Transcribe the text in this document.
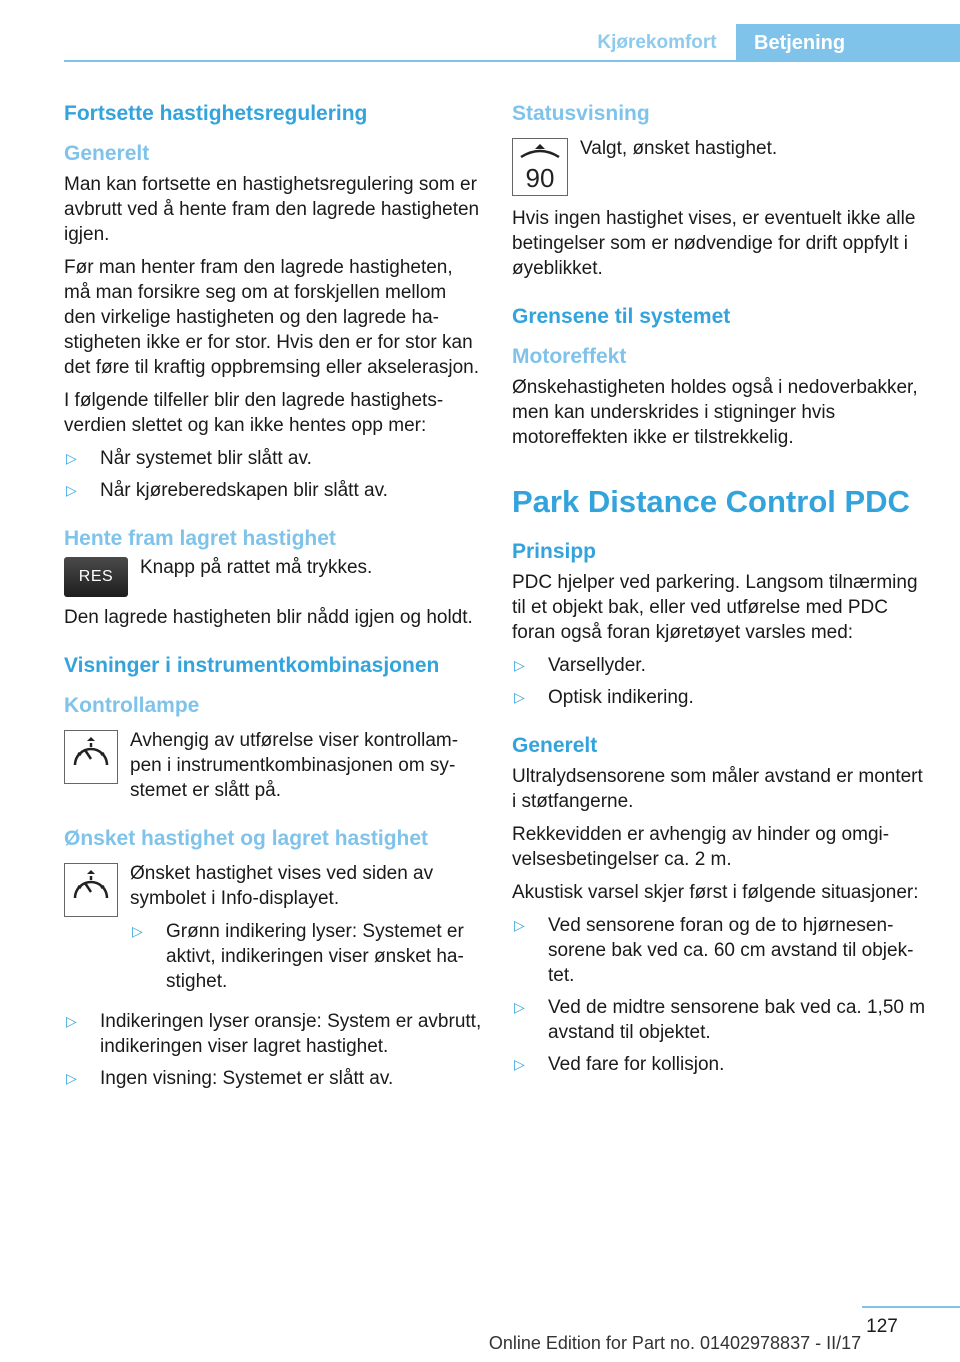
Kjørekomfort	Betjening
Fortsette hastighetsregulering
Generelt
Man kan fortsette en hastighetsregulering som er avbrutt ved å hente fram den lagrede hastigheten igjen.
Før man henter fram den lagrede hastigheten, må man forsikre seg om at forskjellen mellom den virkelige hastigheten og den lagrede hastigheten ikke er for stor. Hvis den er for stor kan det føre til kraftig oppbremsing eller akselerasjon.
I følgende tilfeller blir den lagrede hastighetsverdien slettet og kan ikke hentes opp mer:
▷	Når systemet blir slått av.
▷	Når kjøreberedskapen blir slått av.
Hente fram lagret hastighet
RES	Knapp på rattet må trykkes.
Den lagrede hastigheten blir nådd igjen og holdt.
Visninger i instrumentkombinasjonen
Kontrollampe
Avhengig av utførelse viser kontrollampen i instrumentkombinasjonen om systemet er slått på.
Ønsket hastighet og lagret hastighet
Ønsket hastighet vises ved siden av symbolet i Info-displayet.
▷	Grønn indikering lyser: Systemet er aktivt, indikeringen viser ønsket hastighet.
▷	Indikeringen lyser oransje: System er avbrutt, indikeringen viser lagret hastighet.
▷	Ingen visning: Systemet er slått av.
Statusvisning
90
Valgt, ønsket hastighet.
Hvis ingen hastighet vises, er eventuelt ikke alle betingelser som er nødvendige for drift oppfylt i øyeblikket.
Grensene til systemet
Motoreffekt
Ønskehastigheten holdes også i nedoverbakker, men kan underskrides i stigninger hvis motoreffekten ikke er tilstrekkelig.
Park Distance Control PDC
Prinsipp
PDC hjelper ved parkering. Langsom tilnærming til et objekt bak, eller ved utførelse med PDC foran også foran kjøretøyet varsles med:
▷	Varsellyder.
▷	Optisk indikering.
Generelt
Ultralydsensorene som måler avstand er montert i støtfangerne.
Rekkevidden er avhengig av hinder og omgivelsesbetingelser ca. 2 m.
Akustisk varsel skjer først i følgende situasjoner:
▷	Ved sensorene foran og de to hjørnesensorene bak ved ca. 60 cm avstand til objektet.
▷	Ved de midtre sensorene bak ved ca. 1,50 m avstand til objektet.
▷	Ved fare for kollisjon.
127
Online Edition for Part no. 01402978837 - II/17
